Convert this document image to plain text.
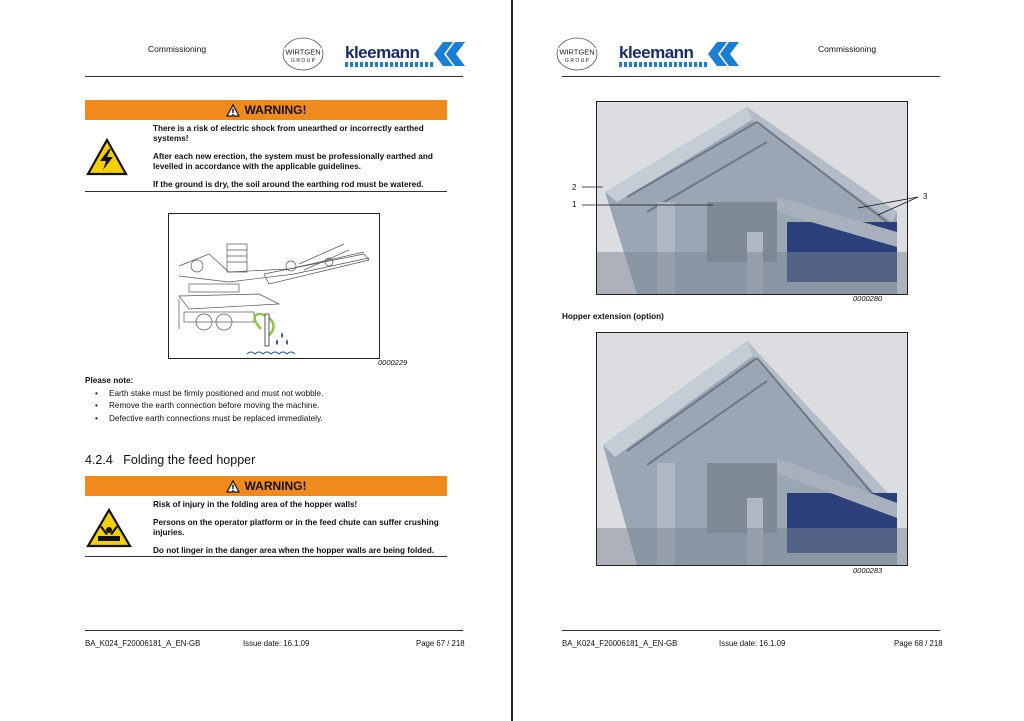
Commissioning	WIRTGEN
G R O U P kleemann
WARNING!

There is a risk of electric shock from unearthed or incorrectly earthed systems!

After each new erection, the system must be professionally earthed and levelled in accordance with the applicable guidelines.

If the ground is dry, the soil around the earthing rod must be watered.

0000229
Please note:
• Earth stake must be firmly positioned and must not wobble.
• Remove the earth connection before moving the machine.
• Defective earth connections must be replaced immediately.
4.2.4 Folding the feed hopper
WARNING!

Risk of injury in the folding area of the hopper walls!

Persons on the operator platform or in the feed chute can suffer crushing injuries.

Do not linger in the danger area when the hopper walls are being folded.

BA_K024_F20006181_A_EN-GB	Issue date: 16.1.09	Page 67 / 218
WIRTGEN
G R O U P kleemann	Commissioning
2
1
3
0000280
Hopper extension (option)
0000283
BA_K024_F20006181_A_EN-GB	Issue date: 16.1.09	Page 68 / 218
